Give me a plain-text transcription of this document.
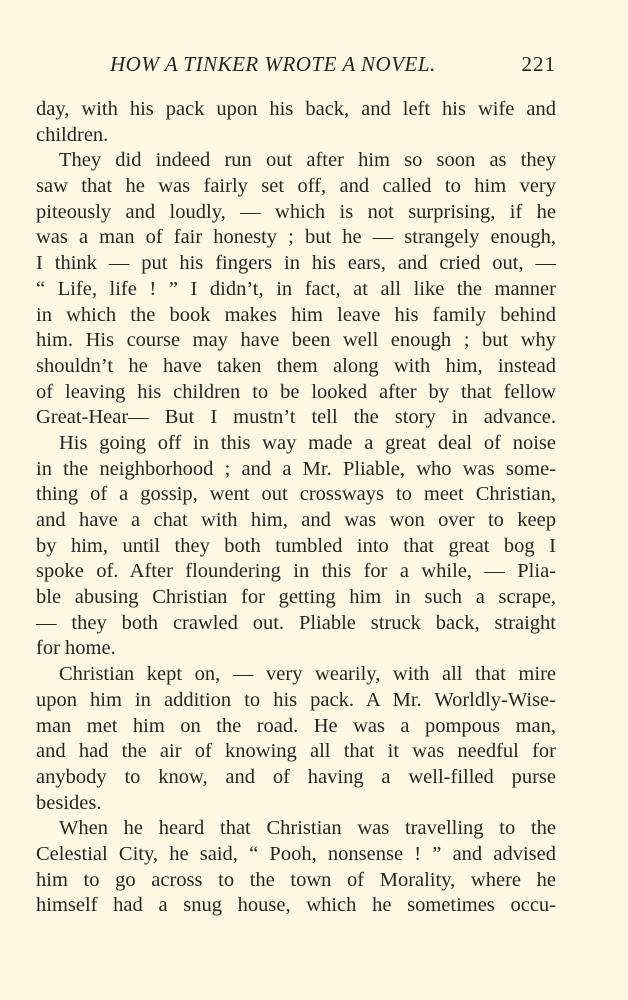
HOW A TINKER WROTE A NOVEL.	221
day, with his pack upon his back, and left his wife and
children.
They did indeed run out after him so soon as they
saw that he was fairly set off, and called to him very
piteously and loudly, — which is not surprising, if he
was a man of fair honesty ; but he — strangely enough,
I think — put his fingers in his ears, and cried out, —
“ Life, life ! ” I didn’t, in fact, at all like the manner
in which the book makes him leave his family behind
him. His course may have been well enough ; but why
shouldn’t he have taken them along with him, instead
of leaving his children to be looked after by that fellow
Great-Hear— But I mustn’t tell the story in advance.
His going off in this way made a great deal of noise
in the neighborhood ; and a Mr. Pliable, who was some-
thing of a gossip, went out crossways to meet Christian,
and have a chat with him, and was won over to keep
by him, until they both tumbled into that great bog I
spoke of. After floundering in this for a while, — Plia-
ble abusing Christian for getting him in such a scrape,
— they both crawled out. Pliable struck back, straight
for home.
Christian kept on, — very wearily, with all that mire
upon him in addition to his pack. A Mr. Worldly-Wise-
man met him on the road. He was a pompous man,
and had the air of knowing all that it was needful for
anybody to know, and of having a well-filled purse
besides.
When he heard that Christian was travelling to the
Celestial City, he said, “ Pooh, nonsense ! ” and advised
him to go across to the town of Morality, where he
himself had a snug house, which he sometimes occu-
